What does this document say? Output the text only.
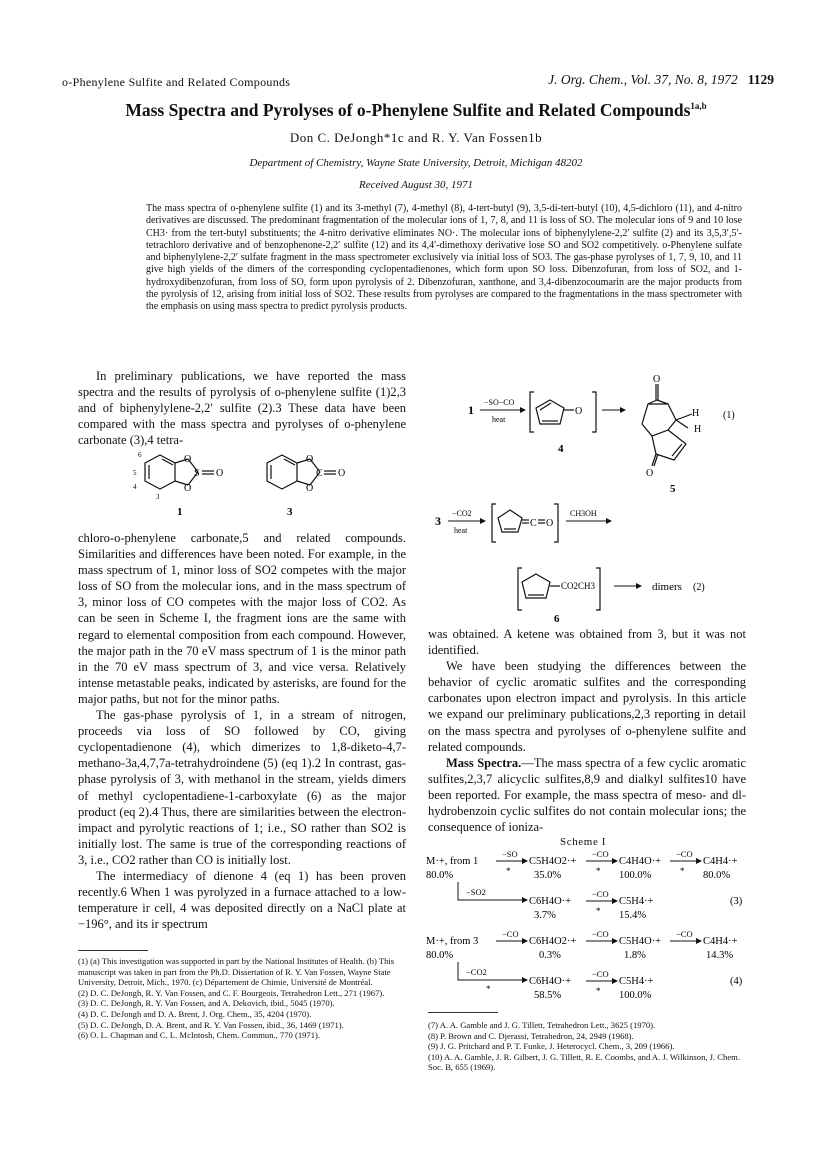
o-Phenylene Sulfite and Related Compounds	J. Org. Chem., Vol. 37, No. 8, 1972 1129
Mass Spectra and Pyrolyses of o-Phenylene Sulfite and Related Compounds$^{1a,b}$
Don C. DeJongh*1c and R. Y. Van Fossen1b
Department of Chemistry, Wayne State University, Detroit, Michigan 48202
Received August 30, 1971
The mass spectra of o-phenylene sulfite (1) and its 3-methyl (7), 4-methyl (8), 4-tert-butyl (9), 3,5-di-tert-butyl (10), 4,5-dichloro (11), and 4-nitro derivatives are discussed. The predominant fragmentation of the molecular ions of 1, 7, 8, and 11 is loss of SO. The molecular ions of 9 and 10 lose CH3· from the tert-butyl substituents; the 4-nitro derivative eliminates NO·. The molecular ions of biphenylylene-2,2′ sulfite (2) and its 3,5,3′,5′-tetrachloro derivative and of benzophenone-2,2′ sulfite (12) and its 4,4′-dimethoxy derivative lose SO and SO2 competitively. o-Phenylene sulfate and biphenylylene-2,2′ sulfate fragment in the mass spectrometer exclusively via initial loss of SO3. The gas-phase pyrolyses of 1, 7, 9, 10, and 11 give high yields of the dimers of the corresponding cyclopentadienones, which form upon SO loss. Dibenzofuran, from loss of SO2, and 1-hydroxydibenzofuran, from loss of SO, form upon pyrolysis of 2. Dibenzofuran, xanthone, and 3,4-dibenzocoumarin are the major products from the pyrolysis of 12, arising from initial loss of SO2. These results from pyrolyses are compared to the fragmentations in the mass spectrometer with the emphasis on using mass spectra to predict pyrolysis products.

In preliminary publications, we have reported the mass spectra and the results of pyrolysis of o-phenylene sulfite (1)2,3 and of biphenylylene-2,2′ sulfite (2).3 These data have been compared with the mass spectra and pyrolyses of o-phenylene carbonate (3),4 tetra-

O
O
S O
6
5
4
3
1
O
O
C O
3

chloro-o-phenylene carbonate,5 and related compounds. Similarities and differences have been noted. For example, in the mass spectrum of 1, minor loss of SO2 competes with the major loss of SO from the molecular ions, and in the mass spectrum of 3, minor loss of CO competes with the major loss of CO2. As can be seen in Scheme I, the fragment ions are the same with regard to elemental composition from each compound. However, the major path in the 70 eV mass spectrum of 1 is the minor path in the 70 eV mass spectrum of 3, and vice versa. Relatively intense metastable peaks, indicated by asterisks, are found for the major paths, but not for the minor paths.

The gas-phase pyrolysis of 1, in a stream of nitrogen, proceeds via loss of SO followed by CO, giving cyclopentadienone (4), which dimerizes to 1,8-diketo-4,7-methano-3a,4,7,7a-tetrahydroindene (5) (eq 1).2 In contrast, gas-phase pyrolysis of 3, with methanol in the stream, yields dimers of methyl cyclopentadiene-1-carboxylate (6) as the major product (eq 2).4 Thus, there are similarities between the electron-impact and pyrolytic reactions of 1; i.e., SO rather than SO2 is initially lost. The same is true of the corresponding reactions of 3, i.e., CO2 rather than CO is initially lost.

The intermediacy of dienone 4 (eq 1) has been proven recently.6 When 1 was pyrolyzed in a furnace attached to a low-temperature ir cell, 4 was deposited directly on a NaCl plate at −196°, and its ir spectrum

(1) (a) This investigation was supported in part by the National Institutes of Health. (b) This manuscript was taken in part from the Ph.D. Dissertation of R. Y. Van Fossen, Wayne State University, Detroit, Mich., 1970. (c) Département de Chimie, Université de Montréal.

(2) D. C. DeJongh, R. Y. Van Fossen, and C. F. Bourgeois, Tetrahedron Lett., 271 (1967).

(3) D. C. DeJongh, R. Y. Van Fossen, and A. Dekovich, ibid., 5045 (1970).

(4) D. C. DeJongh and D. A. Brent, J. Org. Chem., 35, 4204 (1970).

(5) D. C. DeJongh, D. A. Brent, and R. Y. Van Fossen, ibid., 36, 1469 (1971).

(6) O. L. Chapman and C. L. McIntosh, Chem. Commun., 770 (1971).

1
−SO−CO
heat
O
4
O
O
H
H
5
(1)
3
−CO2
heat
C O
CH3OH
CO2CH3
6
dimers (2)

was obtained. A ketene was obtained from 3, but it was not identified.

We have been studying the differences between the behavior of cyclic aromatic sulfites and the corresponding carbonates upon electron impact and pyrolysis. In this article we expand our preliminary publications,2,3 reporting in detail on the mass spectra and pyrolyses of o-phenylene sulfite and related compounds.

Mass Spectra.—The mass spectra of a few cyclic aromatic sulfites,2,3,7 alicyclic sulfites,8,9 and dialkyl sulfites10 have been reported. For example, the mass spectra of meso- and dl-hydrobenzoin cyclic sulfites do not contain molecular ions; the consequence of ioniza-

Scheme I
M·+, from 1
80.0%
−SO
*
C5H4O2·+
35.0%
−CO
*
C4H4O·+
100.0%
−CO
*
C4H4·+
80.0%
−SO2
C6H4O·+
3.7%
−CO
*
C5H4·+
15.4%
(3)
M·+, from 3
80.0%
−CO
C6H4O2·+
0.3%
−CO
C5H4O·+
1.8%
−CO
C4H4·+
14.3%
−CO2
*
C6H4O·+
58.5%
−CO
*
C5H4·+
100.0%
(4)

(7) A. A. Gamble and J. G. Tillett, Tetrahedron Lett., 3625 (1970).

(8) P. Brown and C. Djerassi, Tetrahedron, 24, 2949 (1968).

(9) J. G. Pritchard and P. T. Funke, J. Heterocycl. Chem., 3, 209 (1966).

(10) A. A. Gamble, J. R. Gilbert, J. G. Tillett, R. E. Coombs, and A. J. Wilkinson, J. Chem. Soc. B, 655 (1969).
